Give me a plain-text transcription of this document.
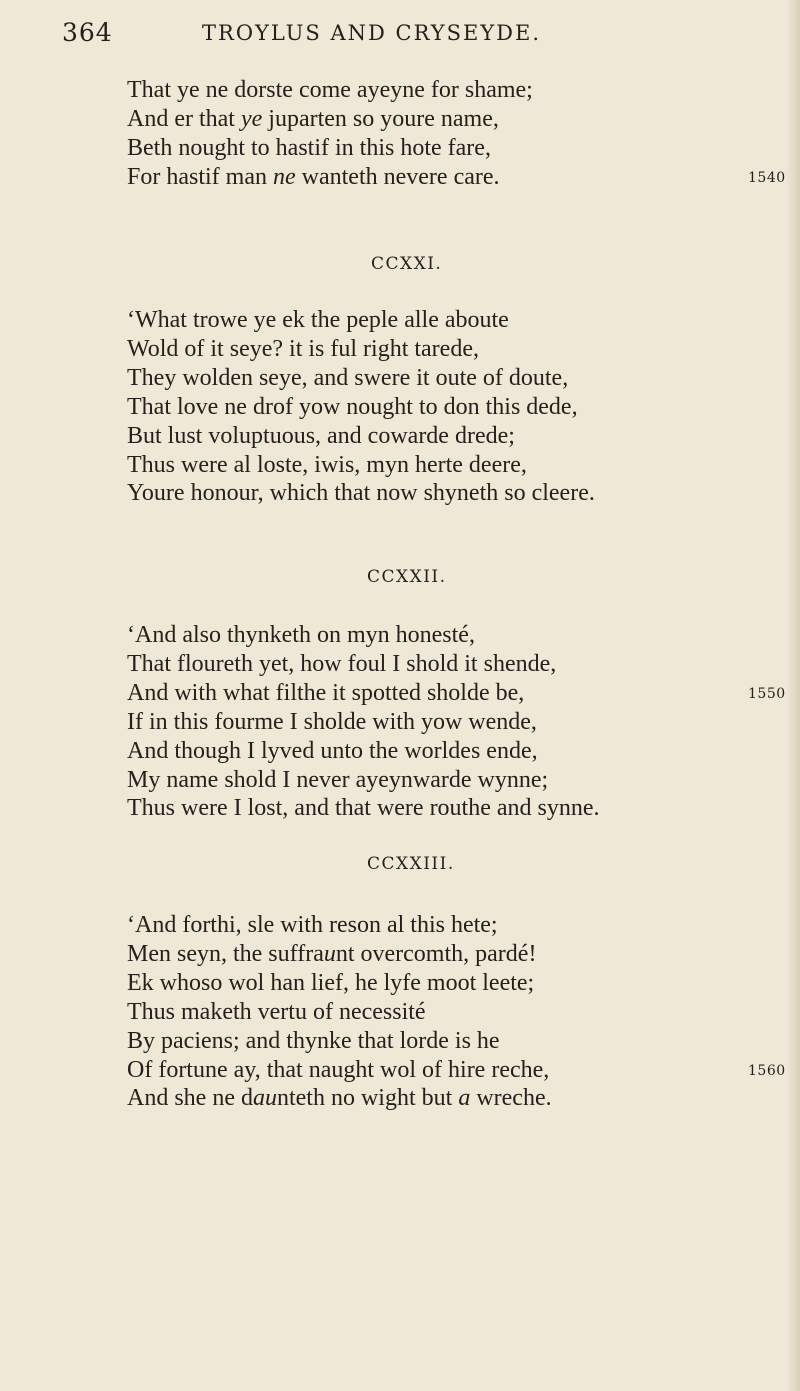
364	TROYLUS AND CRYSEYDE.
That ye ne dorste come ayeyne for shame;
And er that ye juparten so youre name,
Beth nought to hastif in this hote fare,
For hastif man ne wanteth nevere care.
CCXXI.
‘What trowe ye ek the peple alle aboute
Wold of it seye? it is ful right tarede,
They wolden seye, and swere it oute of doute,
That love ne drof yow nought to don this dede,
But lust voluptuous, and cowarde drede;
Thus were al loste, iwis, myn herte deere,
Youre honour, which that now shyneth so cleere.
CCXXII.
‘And also thynketh on myn honesté,
That floureth yet, how foul I shold it shende,
And with what filthe it spotted sholde be,
If in this fourme I sholde with yow wende,
And though I lyved unto the worldes ende,
My name shold I never ayeynwarde wynne;
Thus were I lost, and that were routhe and synne.
CCXXIII.
‘And forthi, sle with reson al this hete;
Men seyn, the suffraunt overcomth, pardé!
Ek whoso wol han lief, he lyfe moot leete;
Thus maketh vertu of necessité
By paciens; and thynke that lorde is he
Of fortune ay, that naught wol of hire reche,
And she ne daunteth no wight but a wreche.
1540
1550
1560
